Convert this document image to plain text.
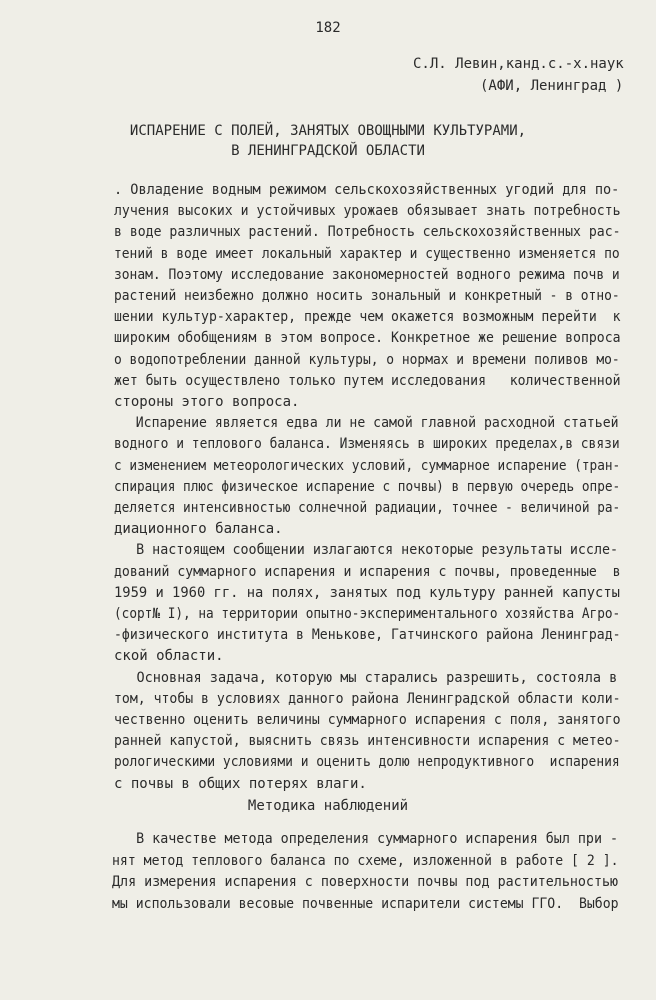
182
С.Л. Левин,канд.с.-х.наук
(АФИ, Ленинград )
ИСПАРЕНИЕ С ПОЛЕЙ, ЗАНЯТЫХ ОВОЩНЫМИ КУЛЬТУРАМИ,
В ЛЕНИНГРАДСКОЙ ОБЛАСТИ
. Овладение водным режимом сельскохозяйственных угодий для по-
лучения высоких и устойчивых урожаев обязывает знать потребность
в воде различных растений. Потребность сельскохозяйственных рас-
тений в воде имеет локальный характер и существенно изменяется по
зонам. Поэтому исследование закономерностей водного режима почв и
растений неизбежно должно носить зональный и конкретный - в отно-
шении культур-характер, прежде чем окажется возможным перейти  к
широким обобщениям в этом вопросе. Конкретное же решение вопроса
о водопотреблении данной культуры, о нормах и времени поливов мо-
жет быть осуществлено только путем исследования   количественной
стороны этого вопроса.
Испарение является едва ли не самой главной расходной статьей
водного и теплового баланса. Изменяясь в широких пределах,в связи
с изменением метеорологических условий, суммарное испарение (тран-
спирация плюс физическое испарение с почвы) в первую очередь опре-
деляется интенсивностью солнечной радиации, точнее - величиной ра-
диационного баланса.
В настоящем сообщении излагаются некоторые результаты иссле-
дований суммарного испарения и испарения с почвы, проведенные  в
1959 и 1960 гг. на полях, занятых под культуру ранней капусты
(сорт№ I), на территории опытно-экспериментального хозяйства Агро-
-физического института в Менькове, Гатчинского района Ленинград-
ской области.
Основная задача, которую мы старались разрешить, состояла в
том, чтобы в условиях данного района Ленинградской области коли-
чественно оценить величины суммарного испарения с поля, занятого
ранней капустой, выяснить связь интенсивности испарения с метео-
рологическими условиями и оценить долю непродуктивного  испарения
с почвы в общих потерях влаги.
Методика наблюдений
В качестве метода определения суммарного испарения был при -
нят метод теплового баланса по схеме, изложенной в работе [ 2 ].
Для измерения испарения с поверхности почвы под растительностью
мы использовали весовые почвенные испарители системы ГГО.  Выбор
